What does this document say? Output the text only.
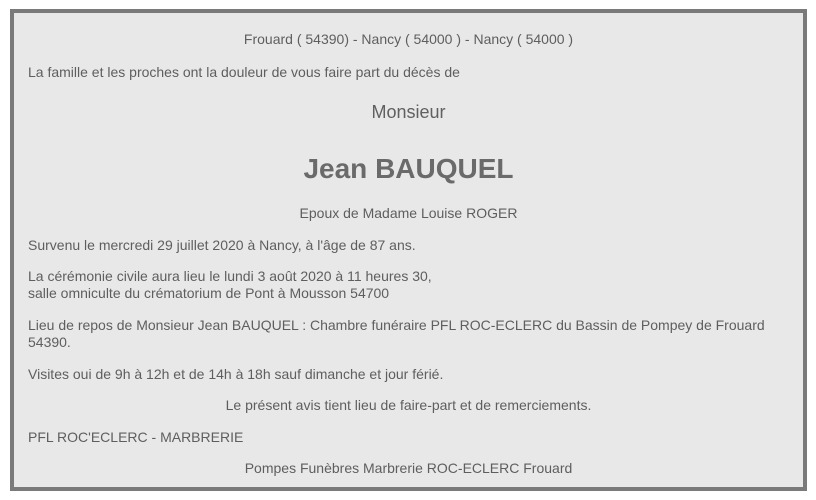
Frouard ( 54390) - Nancy ( 54000 ) - Nancy ( 54000 )
La famille et les proches ont la douleur de vous faire part du décès de
Monsieur
Jean BAUQUEL
Epoux de Madame Louise ROGER
Survenu le mercredi 29 juillet 2020 à Nancy, à l'âge de 87 ans.
La cérémonie civile aura lieu le lundi 3 août 2020 à 11 heures 30,
salle omniculte du crématorium de Pont à Mousson 54700
Lieu de repos de Monsieur Jean BAUQUEL : Chambre funéraire PFL ROC-ECLERC du Bassin de Pompey de Frouard 54390.
Visites oui de 9h à 12h et de 14h à 18h sauf dimanche et jour férié.
Le présent avis tient lieu de faire-part et de remerciements.
PFL ROC'ECLERC - MARBRERIE
Pompes Funèbres Marbrerie ROC-ECLERC Frouard
